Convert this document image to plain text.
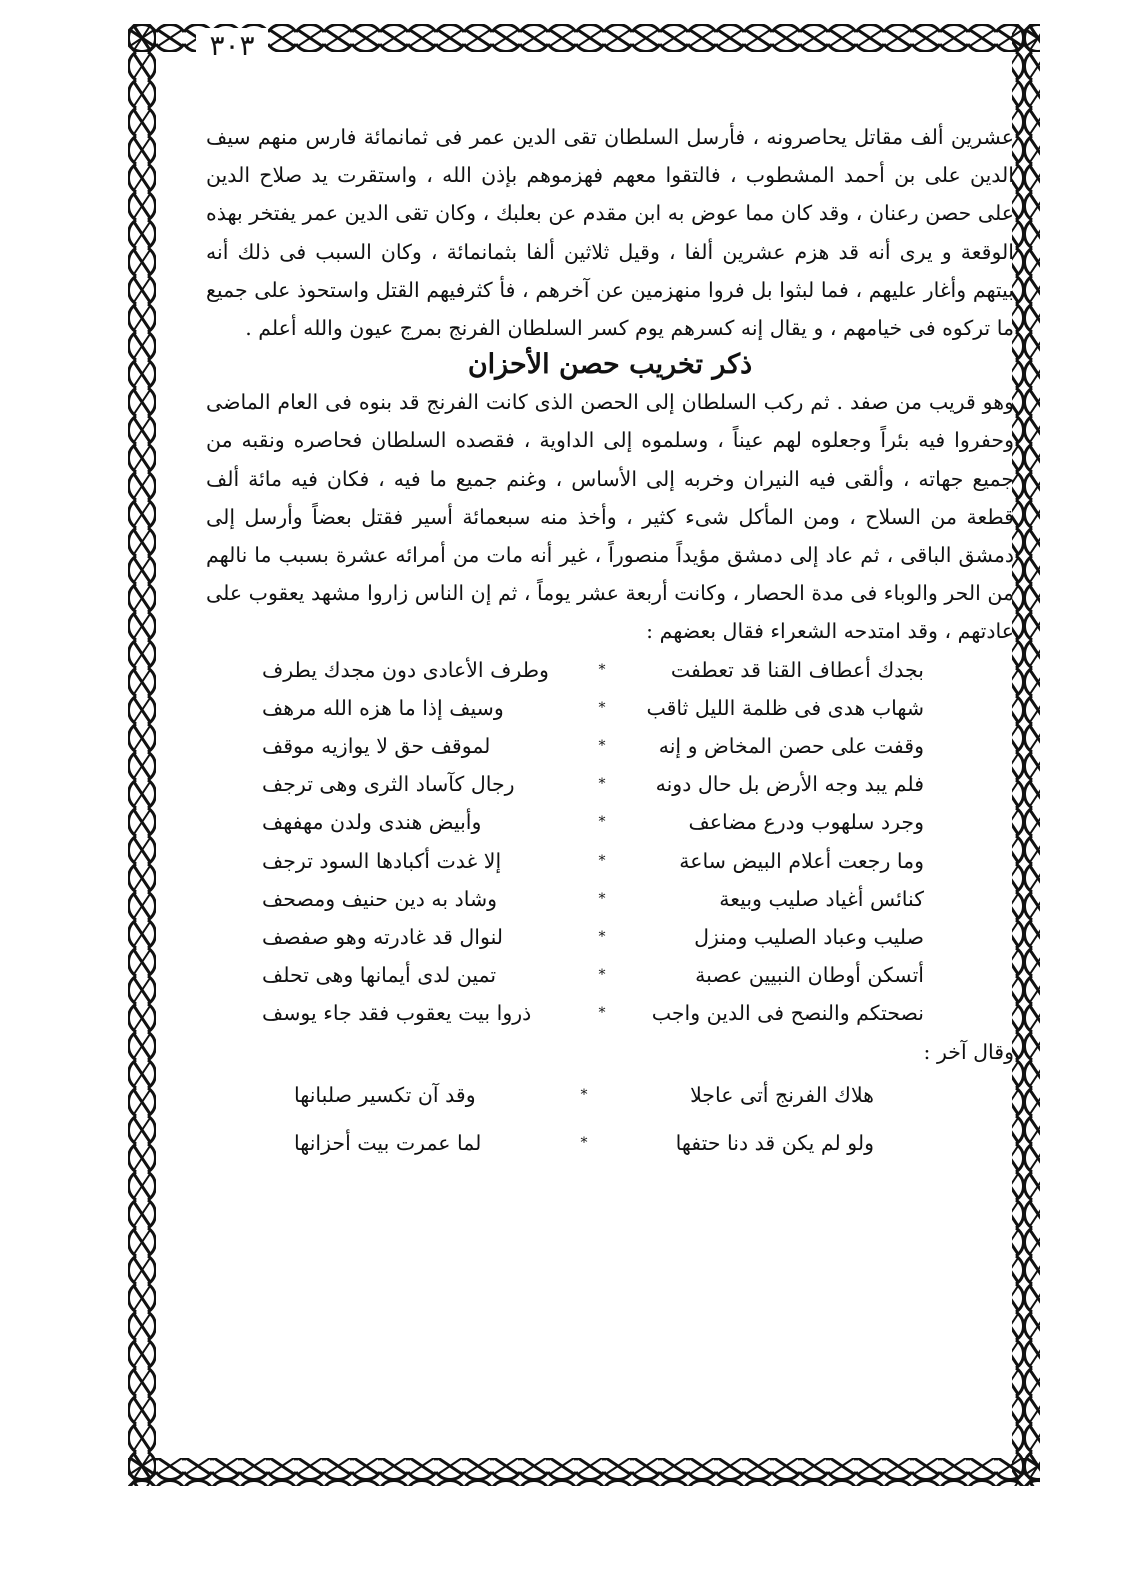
٣٠٣

عشرين ألف مقاتل يحاصرونه ، فأرسل السلطان تقى الدين عمر فى ثمانمائة فارس منهم سيف الدين على بن أحمد المشطوب ، فالتقوا معهم فهزموهم بإذن الله ، واستقرت يد صلاح الدين على حصن رعنان ، وقد كان مما عوض به ابن مقدم عن بعلبك ، وكان تقى الدين عمر يفتخر بهذه الوقعة و يرى أنه قد هزم عشرين ألفا ، وقيل ثلاثين ألفا بثمانمائة ، وكان السبب فى ذلك أنه بيتهم وأغار عليهم ، فما لبثوا بل فروا منهزمين عن آخرهم ، فأ كثرفيهم القتل واستحوذ على جميع ما تركوه فى خيامهم ، و يقال إنه كسرهم يوم كسر السلطان الفرنج بمرج عيون والله أعلم .

ذكر تخريب حصن الأحزان

وهو قريب من صفد . ثم ركب السلطان إلى الحصن الذى كانت الفرنج قد بنوه فى العام الماضى وحفروا فيه بئراً وجعلوه لهم عيناً ، وسلموه إلى الداوية ، فقصده السلطان فحاصره ونقبه من جميع جهاته ، وألقى فيه النيران وخربه إلى الأساس ، وغنم جميع ما فيه ، فكان فيه مائة ألف قطعة من السلاح ، ومن المأكل شىء كثير ، وأخذ منه سبعمائة أسير فقتل بعضاً وأرسل إلى دمشق الباقى ، ثم عاد إلى دمشق مؤيداً منصوراً ، غير أنه مات من أمرائه عشرة بسبب ما نالهم من الحر والوباء فى مدة الحصار ، وكانت أربعة عشر يوماً ، ثم إن الناس زاروا مشهد يعقوب على عادتهم ، وقد امتدحه الشعراء فقال بعضهم :

بجدك أعطاف القنا قد تعطفت
*
وطرف الأعادى دون مجدك يطرف
شهاب هدى فى ظلمة الليل ثاقب
*
وسيف إذا ما هزه الله مرهف
وقفت على حصن المخاض و إنه
*
لموقف حق لا يوازيه موقف
فلم يبد وجه الأرض بل حال دونه
*
رجال كآساد الثرى وهى ترجف
وجرد سلهوب ودرع مضاعف
*
وأبيض هندى ولدن مهفهف
وما رجعت أعلام البيض ساعة
*
إلا غدت أكبادها السود ترجف
كنائس أغياد صليب وبيعة
*
وشاد به دين حنيف ومصحف
صليب وعباد الصليب ومنزل
*
لنوال قد غادرته وهو صفصف
أتسكن أوطان النبيين عصبة
*
تمين لدى أيمانها وهى تحلف
نصحتكم والنصح فى الدين واجب
*
ذروا بيت يعقوب فقد جاء يوسف

وقال آخر :

هلاك الفرنج أتى عاجلا
*
وقد آن تكسير صلبانها
ولو لم يكن قد دنا حتفها
*
لما عمرت بيت أحزانها
